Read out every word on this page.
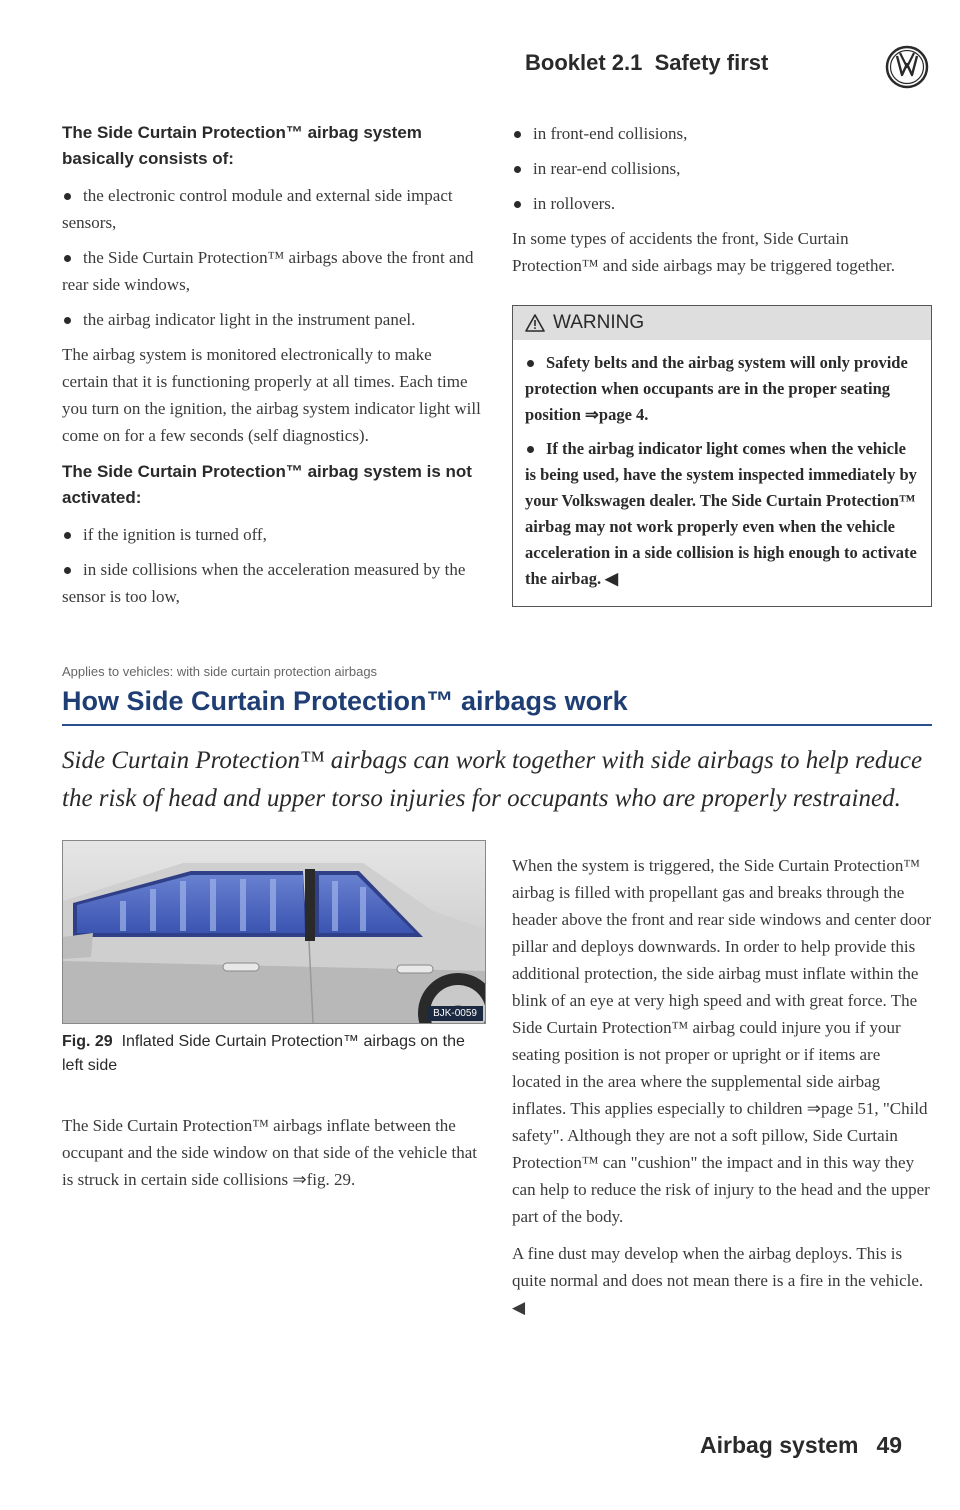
Booklet 2.1 Safety first

The Side Curtain Protection™ airbag system basically consists of:

the electronic control module and external side impact sensors,

the Side Curtain Protection™ airbags above the front and rear side windows,

the airbag indicator light in the instrument panel.

The airbag system is monitored electronically to make certain that it is functioning properly at all times. Each time you turn on the ignition, the airbag system indicator light will come on for a few seconds (self diagnostics).

The Side Curtain Protection™ airbag system is not activated:

if the ignition is turned off,

in side collisions when the acceleration measured by the sensor is too low,

in front-end collisions,

in rear-end collisions,

in rollovers.

In some types of accidents the front, Side Curtain Protection™ and side airbags may be triggered together.

WARNING

Safety belts and the airbag system will only provide protection when occupants are in the proper seating position ⇒page 4.

If the airbag indicator light comes when the vehicle is being used, have the system inspected immediately by your Volkswagen dealer. The Side Curtain Protection™ airbag may not work properly even when the vehicle acceleration in a side collision is high enough to activate the airbag. ◀

Applies to vehicles: with side curtain protection airbags
How Side Curtain Protection™ airbags work
Side Curtain Protection™ airbags can work together with side airbags to help reduce the risk of head and upper torso injuries for occupants who are properly restrained.
BJK-0059
Fig. 29 Inflated Side Curtain Protection™ airbags on the left side

The Side Curtain Protection™ airbags inflate between the occupant and the side window on that side of the vehicle that is struck in certain side collisions ⇒fig. 29.

When the system is triggered, the Side Curtain Protection™ airbag is filled with propellant gas and breaks through the header above the front and rear side windows and center door pillar and deploys downwards. In order to help provide this additional protection, the side airbag must inflate within the blink of an eye at very high speed and with great force. The Side Curtain Protection™ airbag could injure you if your seating position is not proper or upright or if items are located in the area where the supplemental side airbag inflates. This applies especially to children ⇒page 51, "Child safety". Although they are not a soft pillow, Side Curtain Protection™ can "cushion" the impact and in this way they can help to reduce the risk of injury to the head and the upper part of the body.

A fine dust may develop when the airbag deploys. This is quite normal and does not mean there is a fire in the vehicle. ◀

Airbag system 49
